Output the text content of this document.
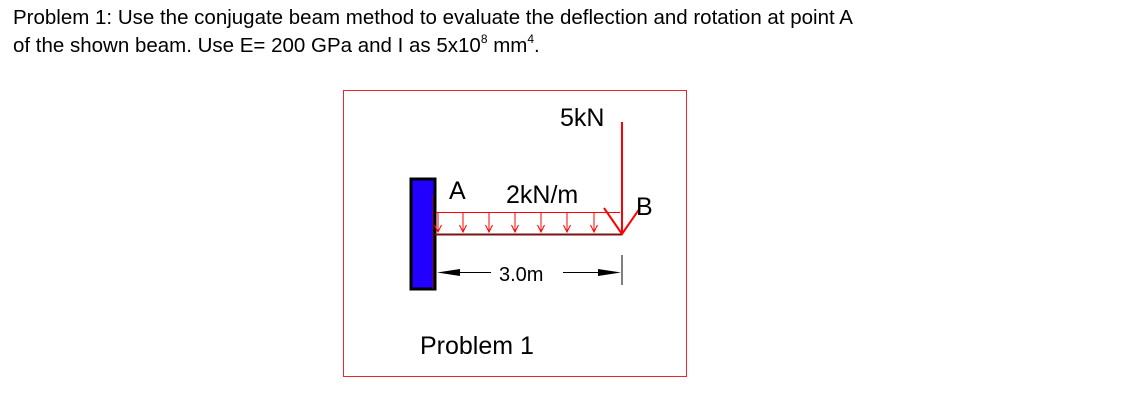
Problem 1: Use the conjugate beam method to evaluate the deflection and rotation at point A
of the shown beam. Use E= 200 GPa and I as $5x10^8$ $mm^4$.

5kN
A 2kN/m B
3.0m
Problem 1
